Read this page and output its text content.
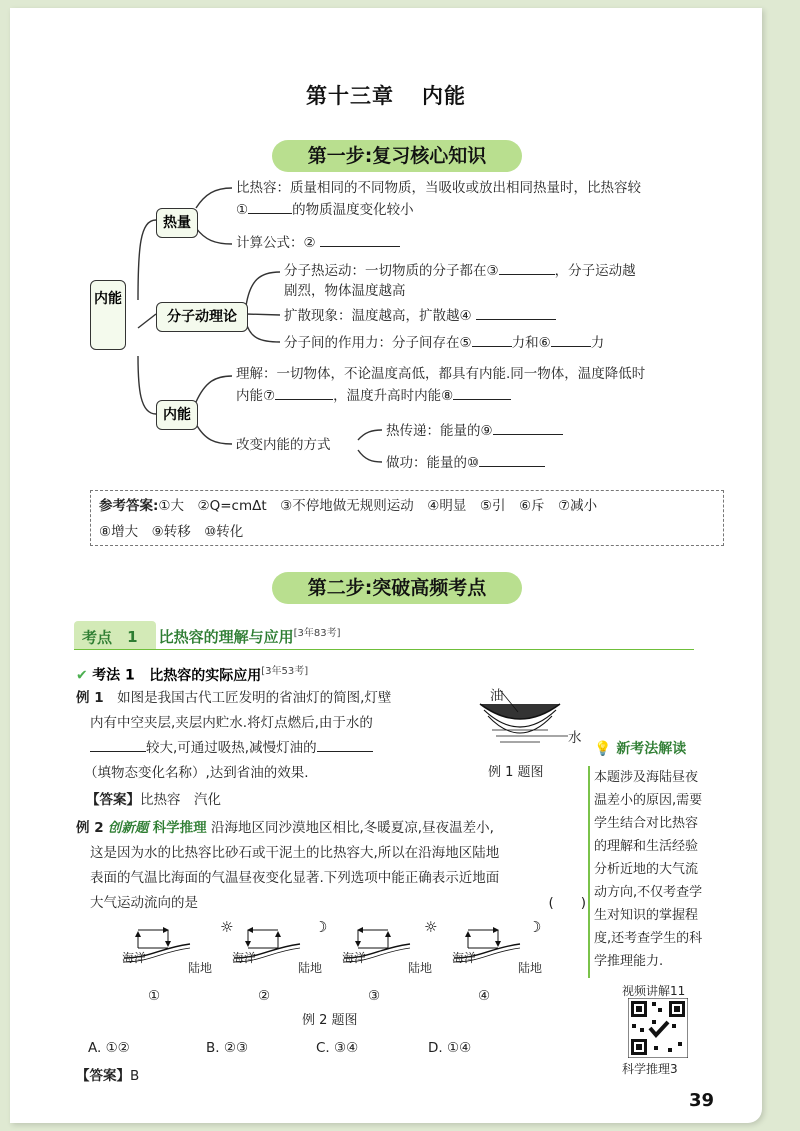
第十三章 内能
第一步:复习核心知识
内能
热量
分子动理论
内能
比热容：质量相同的不同物质，当吸收或放出相同热量时，比热容较
①	的物质温度变化较小
计算公式：②
分子热运动：一切物质的分子都在③	，分子运动越
剧烈，物体温度越高
扩散现象：温度越高，扩散越④
分子间的作用力：分子间存在⑤	力和⑥	力
理解：一切物体，不论温度高低，都具有内能.同一物体，温度降低时
内能⑦	，温度升高时内能⑧
改变内能的方式
热传递：能量的⑨
做功：能量的⑩
参考答案:①大　②Q=cmΔt　③不停地做无规则运动　④明显　⑤引　⑥斥　⑦减小
⑧增大　⑨转移　⑩转化
第二步:突破高频考点
考点 1 比热容的理解与应用[3年83考]
✔ 考法 1 比热容的实际应用[3年53考]
例 1　 如图是我国古代工匠发明的省油灯的简图,灯壁
内有中空夹层,夹层内贮水.将灯点燃后,由于水的
较大,可通过吸热,减慢灯油的
（填物态变化名称）,达到省油的效果.
油
水
例 1 题图
【答案】比热容　汽化
例 2 创新题 科学推理 沿海地区同沙漠地区相比,冬暖夏凉,昼夜温差小,
这是因为水的比热容比砂石或干泥土的比热容大,所以在沿海地区陆地
表面的气温比海面的气温昼夜变化显著.下列选项中能正确表示近地面
大气运动流向的是	(　　)
☼	☽	☼	☽
海洋
陆地
海洋
陆地
海洋
陆地
海洋
陆地
①	②	③	④
例 2 题图
A. ①②	B. ②③	C. ③④	D. ①④
【答案】B
💡 新考法解读
本题涉及海陆昼夜
温差小的原因,需要
学生结合对比热容
的理解和生活经验
分析近地的大气流
动方向,不仅考查学
生对知识的掌握程
度,还考查学生的科
学推理能力.
视频讲解11
科学推理3
39
